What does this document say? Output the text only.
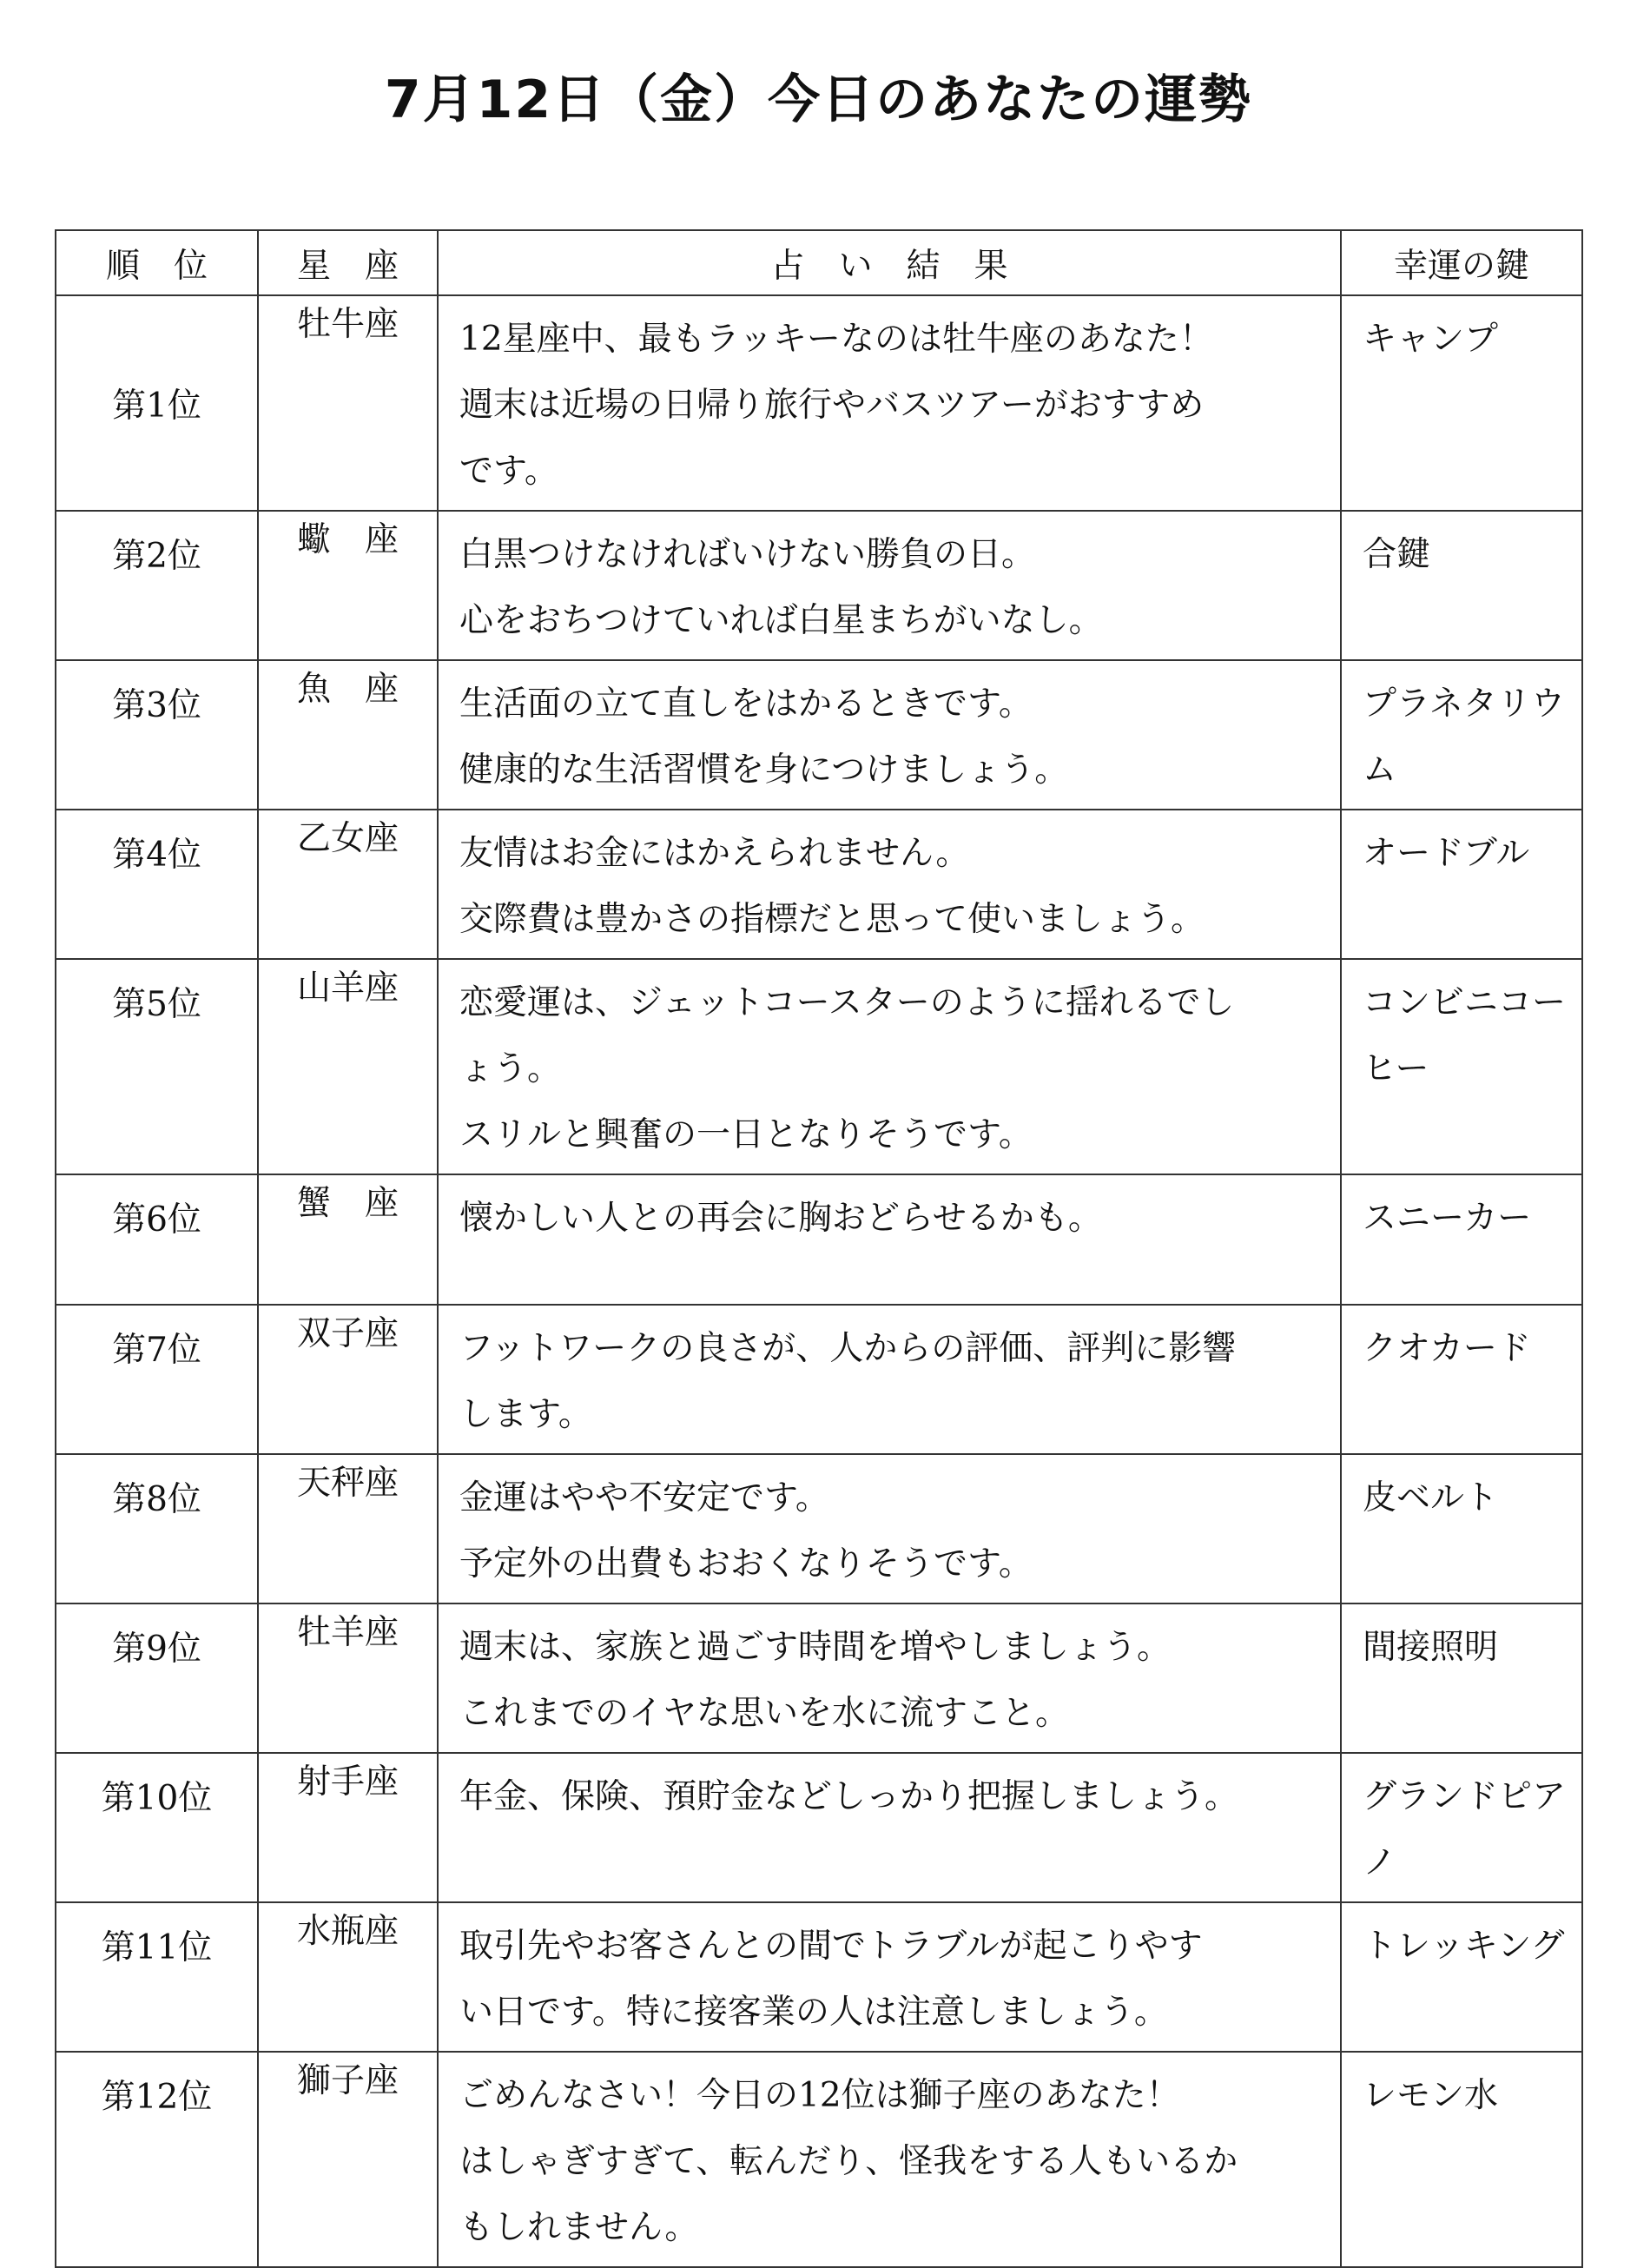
7月12日（金）今日のあなたの運勢
順　位	星　座	占　い　結　果	幸運の鍵
第1位	牡牛座	12星座中、最もラッキーなのは牡牛座のあなた！
週末は近場の日帰り旅行やバスツアーがおすすめ
です。	キャンプ
第2位	蠍　座	白黒つけなければいけない勝負の日。
心をおちつけていれば白星まちがいなし。	合鍵
第3位	魚　座	生活面の立て直しをはかるときです。
健康的な生活習慣を身につけましょう。	プラネタリウム
第4位	乙女座	友情はお金にはかえられません。
交際費は豊かさの指標だと思って使いましょう。	オードブル
第5位	山羊座	恋愛運は、ジェットコースターのように揺れるでし
ょう。
スリルと興奮の一日となりそうです。	コンビニコーヒー
第6位	蟹　座	懐かしい人との再会に胸おどらせるかも。	スニーカー
第7位	双子座	フットワークの良さが、人からの評価、評判に影響
します。	クオカード
第8位	天秤座	金運はやや不安定です。
予定外の出費もおおくなりそうです。	皮ベルト
第9位	牡羊座	週末は、家族と過ごす時間を増やしましょう。
これまでのイヤな思いを水に流すこと。	間接照明
第10位	射手座	年金、保険、預貯金などしっかり把握しましょう。	グランドピアノ
第11位	水瓶座	取引先やお客さんとの間でトラブルが起こりやす
い日です。特に接客業の人は注意しましょう。	トレッキング
第12位	獅子座	ごめんなさい！今日の12位は獅子座のあなた！
はしゃぎすぎて、転んだり、怪我をする人もいるか
もしれません。	レモン水
